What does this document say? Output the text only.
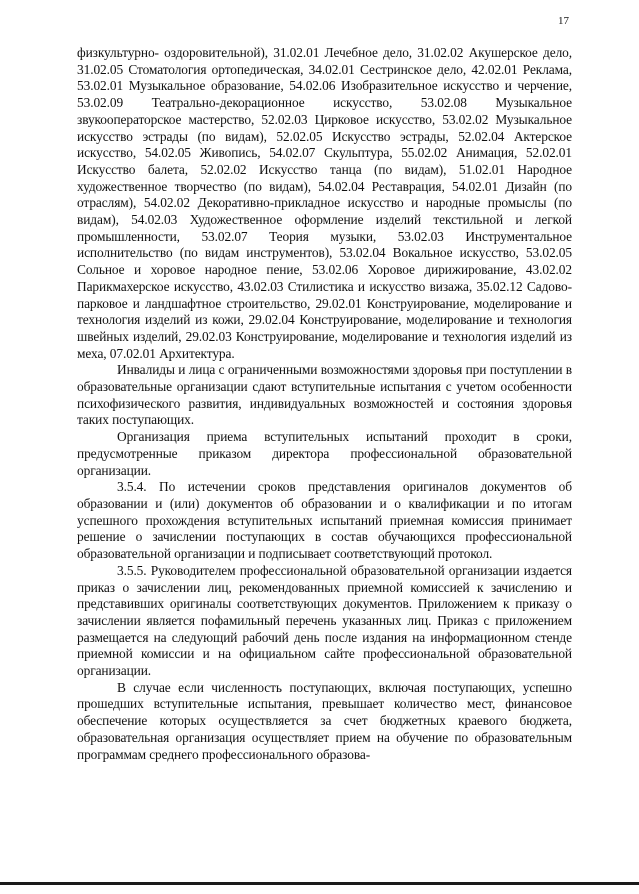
17

физкультурно- оздоровительной), 31.02.01 Лечебное дело, 31.02.02 Акушерское дело, 31.02.05 Стоматология ортопедическая, 34.02.01 Сестринское дело, 42.02.01 Реклама, 53.02.01 Музыкальное образование, 54.02.06 Изобразительное искусство и черчение, 53.02.09 Театрально-декорационное искусство, 53.02.08 Музыкальное звукооператорское мастерство, 52.02.03 Цирковое искусство, 53.02.02 Музыкальное искусство эстрады (по видам), 52.02.05 Искусство эстрады, 52.02.04 Актерское искусство, 54.02.05 Живопись, 54.02.07 Скульптура, 55.02.02 Анимация, 52.02.01 Искусство балета, 52.02.02 Искусство танца (по видам), 51.02.01 Народное художественное творчество (по видам), 54.02.04 Реставрация, 54.02.01 Дизайн (по отраслям), 54.02.02 Декоративно-прикладное искусство и народные промыслы (по видам), 54.02.03 Художественное оформление изделий текстильной и легкой промышленности, 53.02.07 Теория музыки, 53.02.03 Инструментальное исполнительство (по видам инструментов), 53.02.04 Вокальное искусство, 53.02.05 Сольное и хоровое народное пение, 53.02.06 Хоровое дирижирование, 43.02.02 Парикмахерское искусство, 43.02.03 Стилистика и искусство визажа, 35.02.12 Садово-парковое и ландшафтное строительство, 29.02.01 Конструирование, моделирование и технология изделий из кожи, 29.02.04 Конструирование, моделирование и технология швейных изделий, 29.02.03 Конструирование, моделирование и технология изделий из меха, 07.02.01 Архитектура.

Инвалиды и лица с ограниченными возможностями здоровья при поступлении в образовательные организации сдают вступительные испытания с учетом особенности психофизического развития, индивидуальных возможностей и состояния здоровья таких поступающих.

Организация приема вступительных испытаний проходит в сроки, предусмотренные приказом директора профессиональной образовательной организации.

3.5.4. По истечении сроков представления оригиналов документов об образовании и (или) документов об образовании и о квалификации и по итогам успешного прохождения вступительных испытаний приемная комиссия принимает решение о зачислении поступающих в состав обучающихся профессиональной образовательной организации и подписывает соответствующий протокол.

3.5.5. Руководителем профессиональной образовательной организации издается приказ о зачислении лиц, рекомендованных приемной комиссией к зачислению и представивших оригиналы соответствующих документов. Приложением к приказу о зачислении является пофамильный перечень указанных лиц. Приказ с приложением размещается на следующий рабочий день после издания на информационном стенде приемной комиссии и на официальном сайте профессиональной образовательной организации.

В случае если численность поступающих, включая поступающих, успешно прошедших вступительные испытания, превышает количество мест, финансовое обеспечение которых осуществляется за счет бюджетных краевого бюджета, образовательная организация осуществляет прием на обучение по образовательным программам среднего профессионального образова-
